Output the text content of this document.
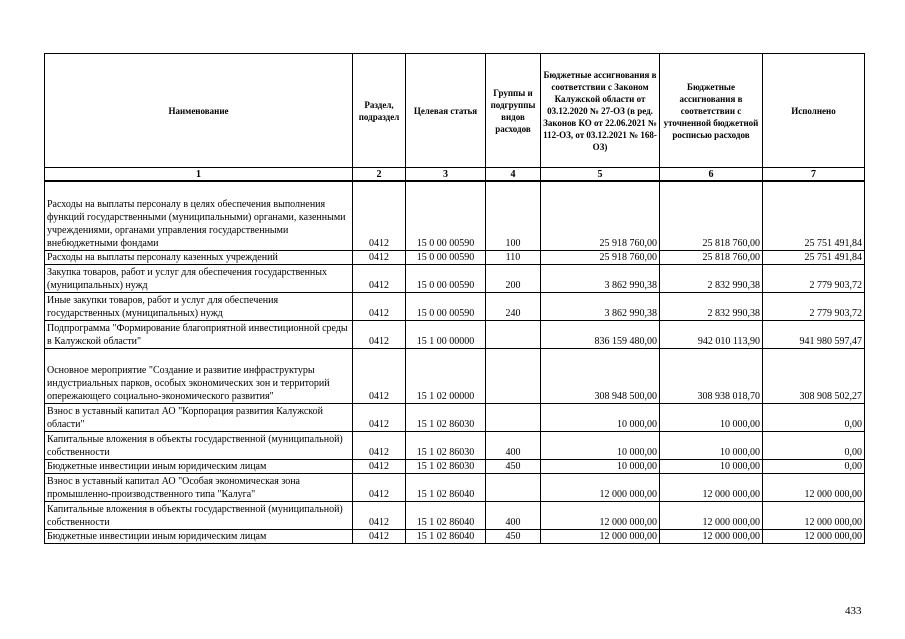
Наименование	Раздел, подраздел	Целевая статья	Группы и подгруппы видов расходов	Бюджетные ассигнования в соответствии с Законом Калужской области от 03.12.2020 № 27-ОЗ (в ред. Законов КО от 22.06.2021 № 112-ОЗ, от 03.12.2021 № 168-ОЗ)	Бюджетные ассигнования в соответствии с уточненной бюджетной росписью расходов	Исполнено
1	2	3	4	5	6	7
Расходы на выплаты персоналу в целях обеспечения выполнения функций государственными (муниципальными) органами, казенными учреждениями, органами управления государственными внебюджетными фондами	0412	15 0 00 00590	100	25 918 760,00	25 818 760,00	25 751 491,84
Расходы на выплаты персоналу казенных учреждений	0412	15 0 00 00590	110	25 918 760,00	25 818 760,00	25 751 491,84
Закупка товаров, работ и услуг для обеспечения государственных (муниципальных) нужд	0412	15 0 00 00590	200	3 862 990,38	2 832 990,38	2 779 903,72
Иные закупки товаров, работ и услуг для обеспечения государственных (муниципальных) нужд	0412	15 0 00 00590	240	3 862 990,38	2 832 990,38	2 779 903,72
Подпрограмма "Формирование благоприятной инвестиционной среды в Калужской области"	0412	15 1 00 00000		836 159 480,00	942 010 113,90	941 980 597,47
Основное мероприятие "Создание и развитие инфраструктуры индустриальных парков, особых экономических зон и территорий опережающего социально-экономического развития"	0412	15 1 02 00000		308 948 500,00	308 938 018,70	308 908 502,27
Взнос в уставный капитал АО "Корпорация развития Калужской области"	0412	15 1 02 86030		10 000,00	10 000,00	0,00
Капитальные вложения в объекты государственной (муниципальной) собственности	0412	15 1 02 86030	400	10 000,00	10 000,00	0,00
Бюджетные инвестиции иным юридическим лицам	0412	15 1 02 86030	450	10 000,00	10 000,00	0,00
Взнос в уставный капитал АО "Особая экономическая зона промышленно-производственного типа "Калуга"	0412	15 1 02 86040		12 000 000,00	12 000 000,00	12 000 000,00
Капитальные вложения в объекты государственной (муниципальной) собственности	0412	15 1 02 86040	400	12 000 000,00	12 000 000,00	12 000 000,00
Бюджетные инвестиции иным юридическим лицам	0412	15 1 02 86040	450	12 000 000,00	12 000 000,00	12 000 000,00
433
